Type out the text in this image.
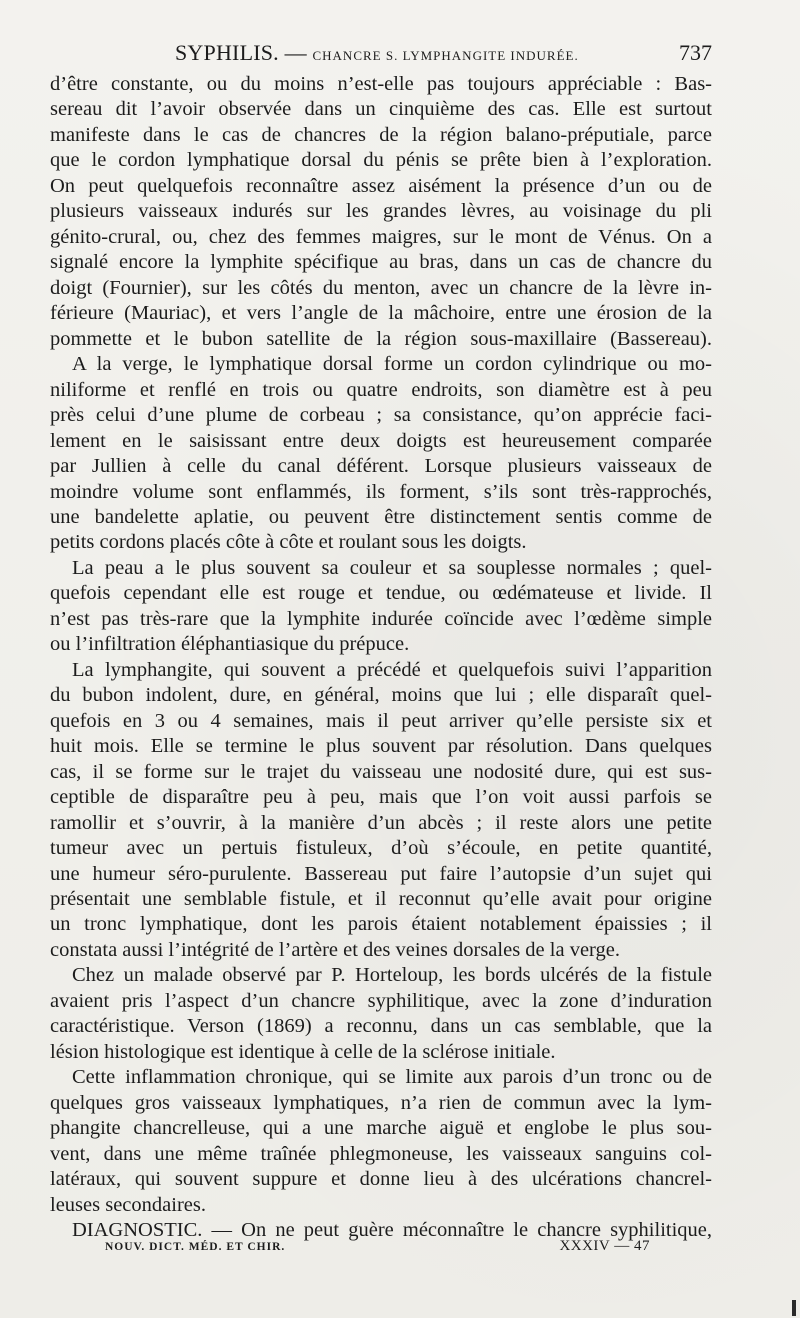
SYPHILIS. — CHANCRE S. LYMPHANGITE INDURÉE.	737
d’être constante, ou du moins n’est-elle pas toujours appréciable : Bas-
sereau dit l’avoir observée dans un cinquième des cas. Elle est surtout
manifeste dans le cas de chancres de la région balano-préputiale, parce
que le cordon lymphatique dorsal du pénis se prête bien à l’exploration.
On peut quelquefois reconnaître assez aisément la présence d’un ou de
plusieurs vaisseaux indurés sur les grandes lèvres, au voisinage du pli
génito-crural, ou, chez des femmes maigres, sur le mont de Vénus. On a
signalé encore la lymphite spécifique au bras, dans un cas de chancre du
doigt (Fournier), sur les côtés du menton, avec un chancre de la lèvre in-
férieure (Mauriac), et vers l’angle de la mâchoire, entre une érosion de la
pommette et le bubon satellite de la région sous-maxillaire (Bassereau).
A la verge, le lymphatique dorsal forme un cordon cylindrique ou mo-
niliforme et renflé en trois ou quatre endroits, son diamètre est à peu
près celui d’une plume de corbeau ; sa consistance, qu’on apprécie faci-
lement en le saisissant entre deux doigts est heureusement comparée
par Jullien à celle du canal déférent. Lorsque plusieurs vaisseaux de
moindre volume sont enflammés, ils forment, s’ils sont très-rapprochés,
une bandelette aplatie, ou peuvent être distinctement sentis comme de
petits cordons placés côte à côte et roulant sous les doigts.
La peau a le plus souvent sa couleur et sa souplesse normales ; quel-
quefois cependant elle est rouge et tendue, ou œdémateuse et livide. Il
n’est pas très-rare que la lymphite indurée coïncide avec l’œdème simple
ou l’infiltration éléphantiasique du prépuce.
La lymphangite, qui souvent a précédé et quelquefois suivi l’apparition
du bubon indolent, dure, en général, moins que lui ; elle disparaît quel-
quefois en 3 ou 4 semaines, mais il peut arriver qu’elle persiste six et
huit mois. Elle se termine le plus souvent par résolution. Dans quelques
cas, il se forme sur le trajet du vaisseau une nodosité dure, qui est sus-
ceptible de disparaître peu à peu, mais que l’on voit aussi parfois se
ramollir et s’ouvrir, à la manière d’un abcès ; il reste alors une petite
tumeur avec un pertuis fistuleux, d’où s’écoule, en petite quantité,
une humeur séro-purulente. Bassereau put faire l’autopsie d’un sujet qui
présentait une semblable fistule, et il reconnut qu’elle avait pour origine
un tronc lymphatique, dont les parois étaient notablement épaissies ; il
constata aussi l’intégrité de l’artère et des veines dorsales de la verge.
Chez un malade observé par P. Horteloup, les bords ulcérés de la fistule
avaient pris l’aspect d’un chancre syphilitique, avec la zone d’induration
caractéristique. Verson (1869) a reconnu, dans un cas semblable, que la
lésion histologique est identique à celle de la sclérose initiale.
Cette inflammation chronique, qui se limite aux parois d’un tronc ou de
quelques gros vaisseaux lymphatiques, n’a rien de commun avec la lym-
phangite chancrelleuse, qui a une marche aiguë et englobe le plus sou-
vent, dans une même traînée phlegmoneuse, les vaisseaux sanguins col-
latéraux, qui souvent suppure et donne lieu à des ulcérations chancrel-
leuses secondaires.
DIAGNOSTIC. — On ne peut guère méconnaître le chancre syphilitique,
NOUV. DICT. MÉD. ET CHIR.	XXXIV — 47
